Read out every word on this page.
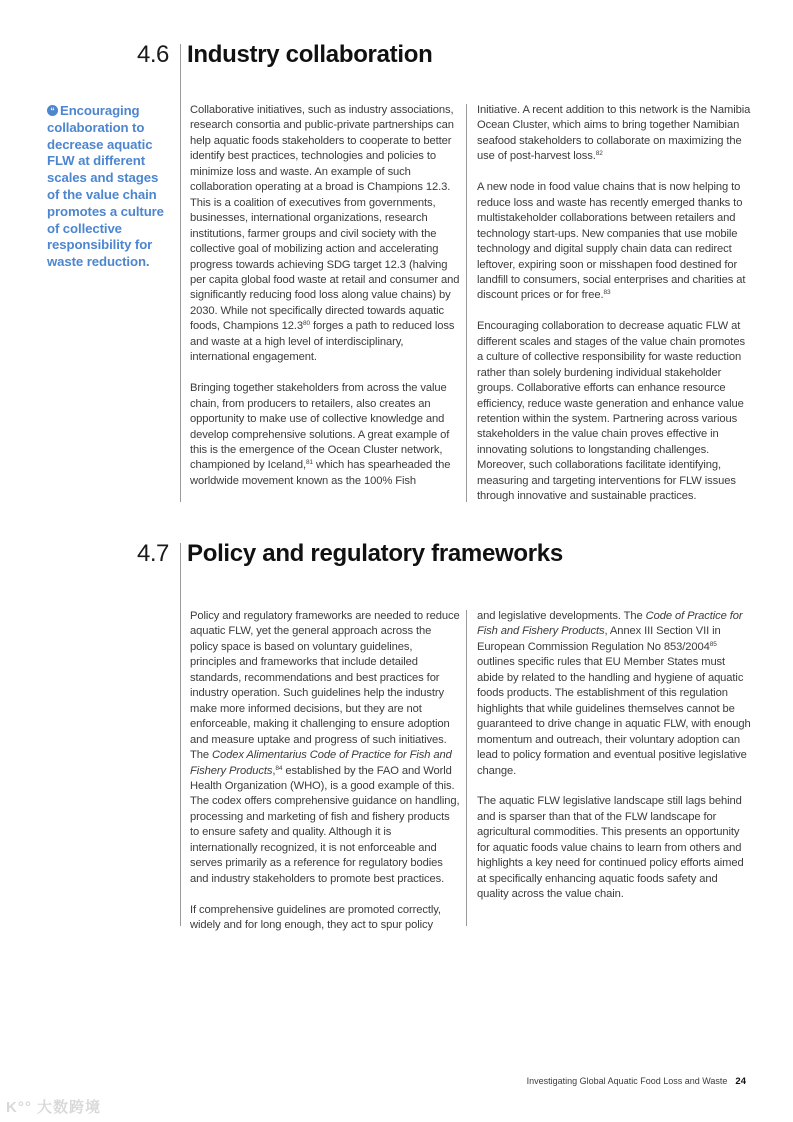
4.6 Industry collaboration
“ Encouraging collaboration to decrease aquatic FLW at different scales and stages of the value chain promotes a culture of collective responsibility for waste reduction.

Collaborative initiatives, such as industry associations, research consortia and public-private partnerships can help aquatic foods stakeholders to cooperate to better identify best practices, technologies and policies to minimize loss and waste. An example of such collaboration operating at a broad is Champions 12.3. This is a coalition of executives from governments, businesses, international organizations, research institutions, farmer groups and civil society with the collective goal of mobilizing action and accelerating progress towards achieving SDG target 12.3 (halving per capita global food waste at retail and consumer and significantly reducing food loss along value chains) by 2030. While not specifically directed towards aquatic foods, Champions 12.3$^{80}$ forges a path to reduced loss and waste at a high level of interdisciplinary, international engagement.

Bringing together stakeholders from across the value chain, from producers to retailers, also creates an opportunity to make use of collective knowledge and develop comprehensive solutions. A great example of this is the emergence of the Ocean Cluster network, championed by Iceland,$^{81}$ which has spearheaded the worldwide movement known as the 100% Fish

Initiative. A recent addition to this network is the Namibia Ocean Cluster, which aims to bring together Namibian seafood stakeholders to collaborate on maximizing the use of post-harvest loss.$^{82}$

A new node in food value chains that is now helping to reduce loss and waste has recently emerged thanks to multistakeholder collaborations between retailers and technology start-ups. New companies that use mobile technology and digital supply chain data can redirect leftover, expiring soon or misshapen food destined for landfill to consumers, social enterprises and charities at discount prices or for free.$^{83}$

Encouraging collaboration to decrease aquatic FLW at different scales and stages of the value chain promotes a culture of collective responsibility for waste reduction rather than solely burdening individual stakeholder groups. Collaborative efforts can enhance resource efficiency, reduce waste generation and enhance value retention within the system. Partnering across various stakeholders in the value chain proves effective in innovating solutions to longstanding challenges. Moreover, such collaborations facilitate identifying, measuring and targeting interventions for FLW issues through innovative and sustainable practices.

4.7 Policy and regulatory frameworks

Policy and regulatory frameworks are needed to reduce aquatic FLW, yet the general approach across the policy space is based on voluntary guidelines, principles and frameworks that include detailed standards, recommendations and best practices for industry operation. Such guidelines help the industry make more informed decisions, but they are not enforceable, making it challenging to ensure adoption and measure uptake and progress of such initiatives. The Codex Alimentarius Code of Practice for Fish and Fishery Products,$^{84}$ established by the FAO and World Health Organization (WHO), is a good example of this. The codex offers comprehensive guidance on handling, processing and marketing of fish and fishery products to ensure safety and quality. Although it is internationally recognized, it is not enforceable and serves primarily as a reference for regulatory bodies and industry stakeholders to promote best practices.

If comprehensive guidelines are promoted correctly, widely and for long enough, they act to spur policy

and legislative developments. The Code of Practice for Fish and Fishery Products, Annex III Section VII in European Commission Regulation No 853/2004$^{85}$ outlines specific rules that EU Member States must abide by related to the handling and hygiene of aquatic foods products. The establishment of this regulation highlights that while guidelines themselves cannot be guaranteed to drive change in aquatic FLW, with enough momentum and outreach, their voluntary adoption can lead to policy formation and eventual positive legislative change.

The aquatic FLW legislative landscape still lags behind and is sparser than that of the FLW landscape for agricultural commodities. This presents an opportunity for aquatic foods value chains to learn from others and highlights a key need for continued policy efforts aimed at specifically enhancing aquatic foods safety and quality across the value chain.

Investigating Global Aquatic Food Loss and Waste 24
K°° 大数跨境
